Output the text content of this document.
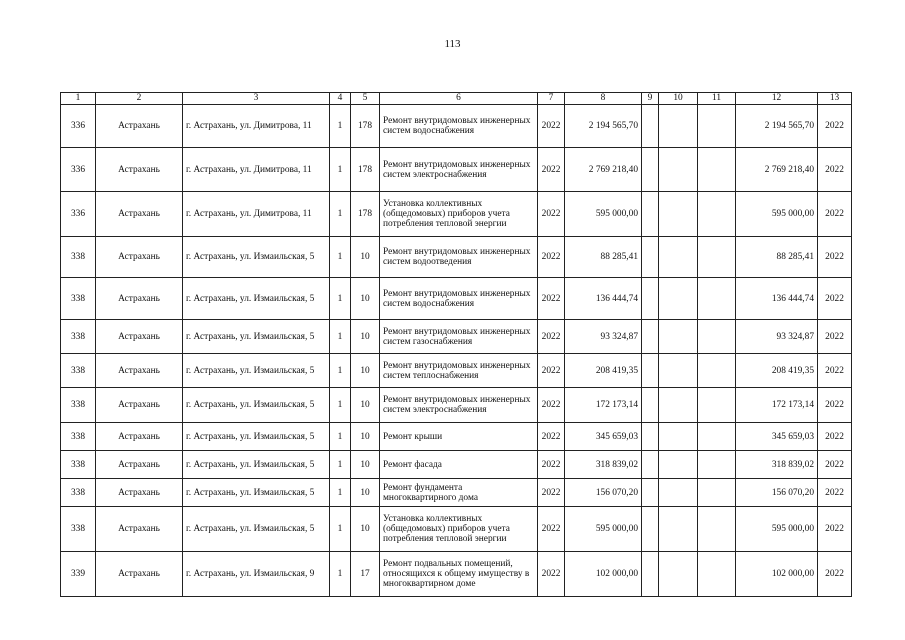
113
1	2	3	4	5	6	7	8	9	10	11	12	13
336	Астрахань	г. Астрахань, ул. Димитрова, 11	1	178	Ремонт внутридомовых инженерных систем водоснабжения	2022	2 194 565,70				2 194 565,70	2022
336	Астрахань	г. Астрахань, ул. Димитрова, 11	1	178	Ремонт внутридомовых инженерных систем электроснабжения	2022	2 769 218,40				2 769 218,40	2022
336	Астрахань	г. Астрахань, ул. Димитрова, 11	1	178	Установка коллективных (общедомовых) приборов учета потребления тепловой энергии	2022	595 000,00				595 000,00	2022
338	Астрахань	г. Астрахань, ул. Измаильская, 5	1	10	Ремонт внутридомовых инженерных систем водоотведения	2022	88 285,41				88 285,41	2022
338	Астрахань	г. Астрахань, ул. Измаильская, 5	1	10	Ремонт внутридомовых инженерных систем водоснабжения	2022	136 444,74				136 444,74	2022
338	Астрахань	г. Астрахань, ул. Измаильская, 5	1	10	Ремонт внутридомовых инженерных систем газоснабжения	2022	93 324,87				93 324,87	2022
338	Астрахань	г. Астрахань, ул. Измаильская, 5	1	10	Ремонт внутридомовых инженерных систем теплоснабжения	2022	208 419,35				208 419,35	2022
338	Астрахань	г. Астрахань, ул. Измаильская, 5	1	10	Ремонт внутридомовых инженерных систем электроснабжения	2022	172 173,14				172 173,14	2022
338	Астрахань	г. Астрахань, ул. Измаильская, 5	1	10	Ремонт крыши	2022	345 659,03				345 659,03	2022
338	Астрахань	г. Астрахань, ул. Измаильская, 5	1	10	Ремонт фасада	2022	318 839,02				318 839,02	2022
338	Астрахань	г. Астрахань, ул. Измаильская, 5	1	10	Ремонт фундамента многоквартирного дома	2022	156 070,20				156 070,20	2022
338	Астрахань	г. Астрахань, ул. Измаильская, 5	1	10	Установка коллективных (общедомовых) приборов учета потребления тепловой энергии	2022	595 000,00				595 000,00	2022
339	Астрахань	г. Астрахань, ул. Измаильская, 9	1	17	Ремонт подвальных помещений, относящихся к общему имуществу в многоквартирном доме	2022	102 000,00				102 000,00	2022
